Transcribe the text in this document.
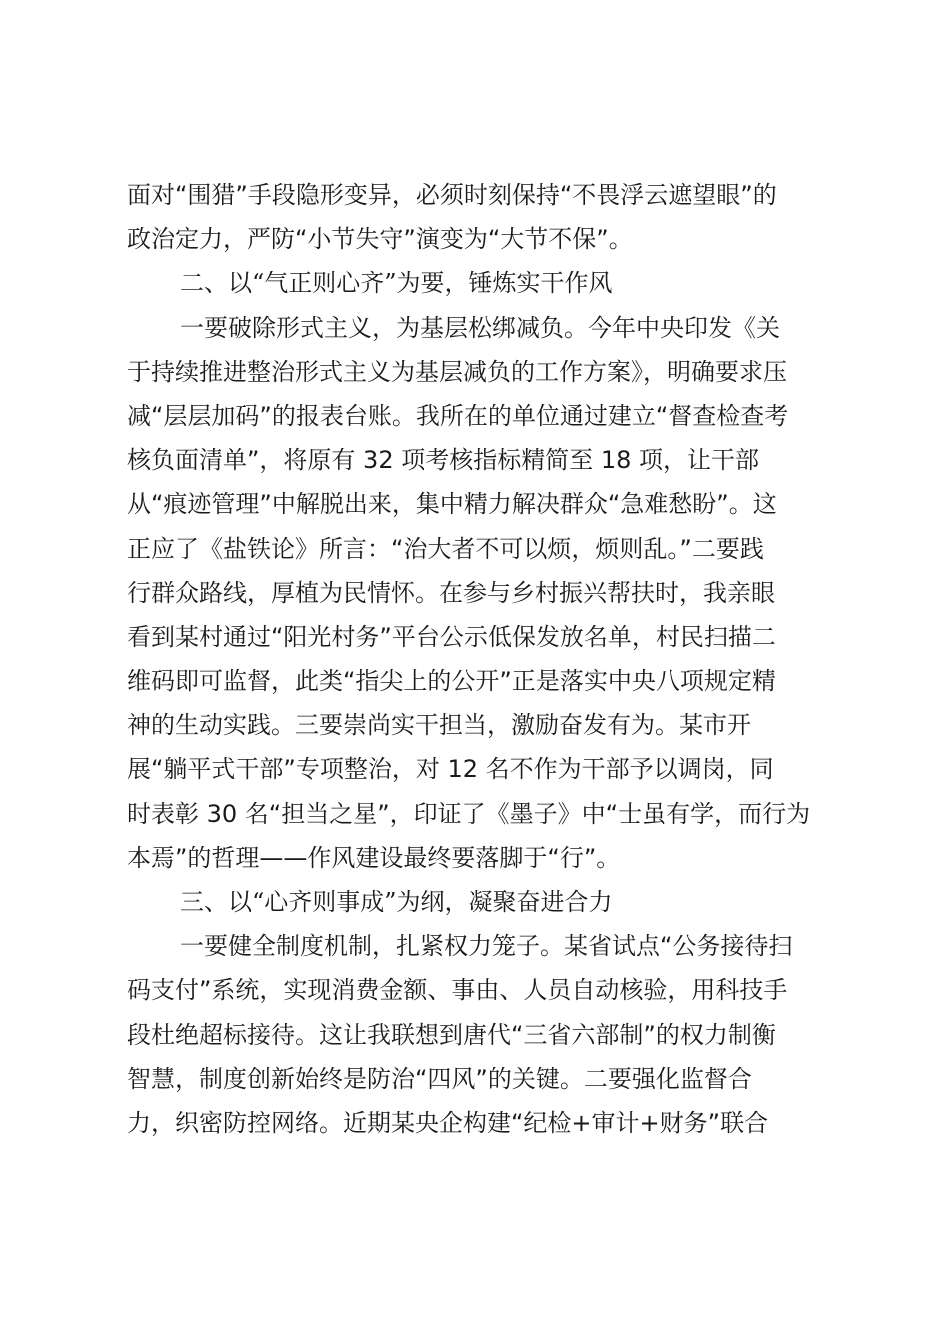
面对“围猎”手段隐形变异，必须时刻保持“不畏浮云遮望眼”的
政治定力，严防“小节失守”演变为“大节不保”。
二、以“气正则心齐”为要，锤炼实干作风
一要破除形式主义，为基层松绑减负。今年中央印发《关
于持续推进整治形式主义为基层减负的工作方案》，明确要求压
减“层层加码”的报表台账。我所在的单位通过建立“督查检查考
核负面清单”，将原有 32 项考核指标精简至 18 项，让干部
从“痕迹管理”中解脱出来，集中精力解决群众“急难愁盼”。这
正应了《盐铁论》所言：“治大者不可以烦，烦则乱。”二要践
行群众路线，厚植为民情怀。在参与乡村振兴帮扶时，我亲眼
看到某村通过“阳光村务”平台公示低保发放名单，村民扫描二
维码即可监督，此类“指尖上的公开”正是落实中央八项规定精
神的生动实践。三要崇尚实干担当，激励奋发有为。某市开
展“躺平式干部”专项整治，对 12 名不作为干部予以调岗，同
时表彰 30 名“担当之星”，印证了《墨子》中“士虽有学，而行为
本焉”的哲理——作风建设最终要落脚于“行”。
三、以“心齐则事成”为纲，凝聚奋进合力
一要健全制度机制，扎紧权力笼子。某省试点“公务接待扫
码支付”系统，实现消费金额、事由、人员自动核验，用科技手
段杜绝超标接待。这让我联想到唐代“三省六部制”的权力制衡
智慧，制度创新始终是防治“四风”的关键。二要强化监督合
力，织密防控网络。近期某央企构建“纪检+审计+财务”联合
